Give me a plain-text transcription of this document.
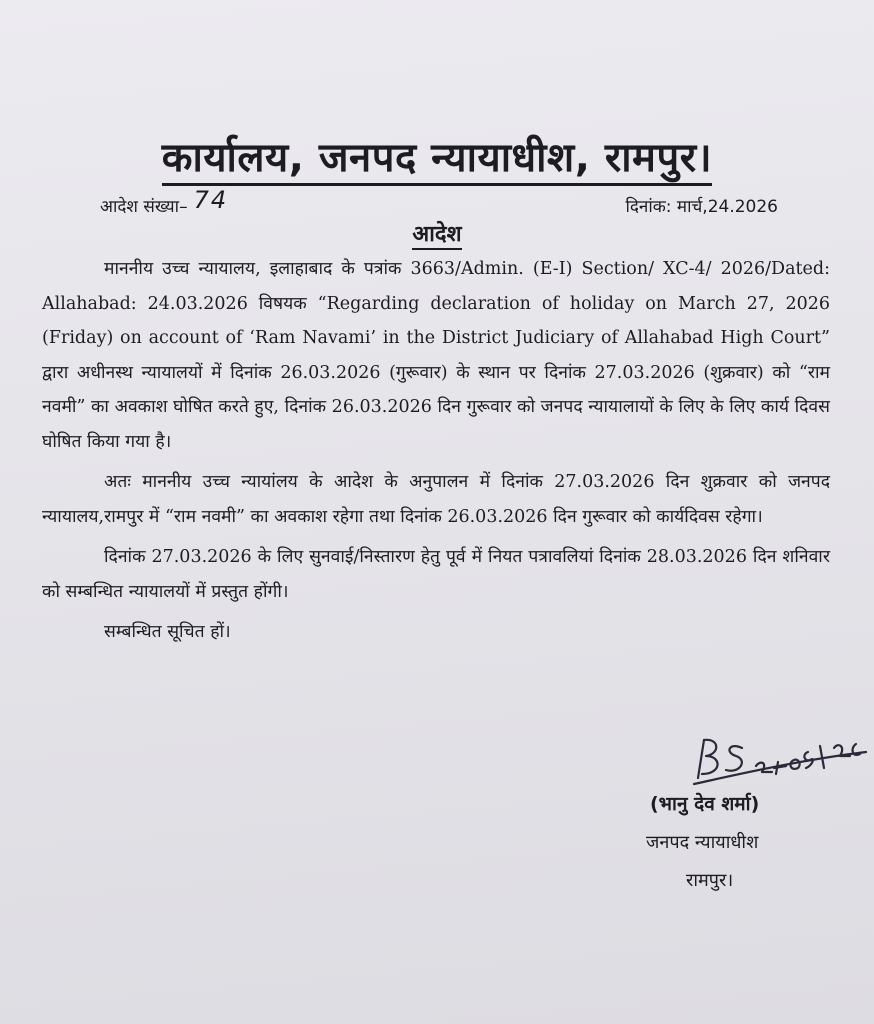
कार्यालय, जनपद न्यायाधीश, रामपुर।
आदेश संख्या– 74	दिनांक: मार्च,24.2026
आदेश

माननीय उच्च न्यायालय, इलाहाबाद के पत्रांक 3663/Admin. (E-I) Section/ XC-4/ 2026/Dated: Allahabad: 24.03.2026 विषयक “Regarding declaration of holiday on March 27, 2026 (Friday) on account of ‘Ram Navami’ in the District Judiciary of Allahabad High Court” द्वारा अधीनस्थ न्यायालयों में दिनांक 26.03.2026 (गुरूवार) के स्थान पर दिनांक 27.03.2026 (शुक्रवार) को “राम नवमी” का अवकाश घोषित करते हुए, दिनांक 26.03.2026 दिन गुरूवार को जनपद न्यायालायों के लिए के लिए कार्य दिवस घोषित किया गया है।

अतः माननीय उच्च न्यायांलय के आदेश के अनुपालन में दिनांक 27.03.2026 दिन शुक्रवार को जनपद न्यायालय,रामपुर में “राम नवमी” का अवकाश रहेगा तथा दिनांक 26.03.2026 दिन गुरूवार को कार्यदिवस रहेगा।

दिनांक 27.03.2026 के लिए सुनवाई/निस्तारण हेतु पूर्व में नियत पत्रावलियां दिनांक 28.03.2026 दिन शनिवार को सम्बन्धित न्यायालयों में प्रस्तुत होंगी।

सम्बन्धित सूचित हों।

(भानु देव शर्मा)
जनपद न्यायाधीश
रामपुर।
